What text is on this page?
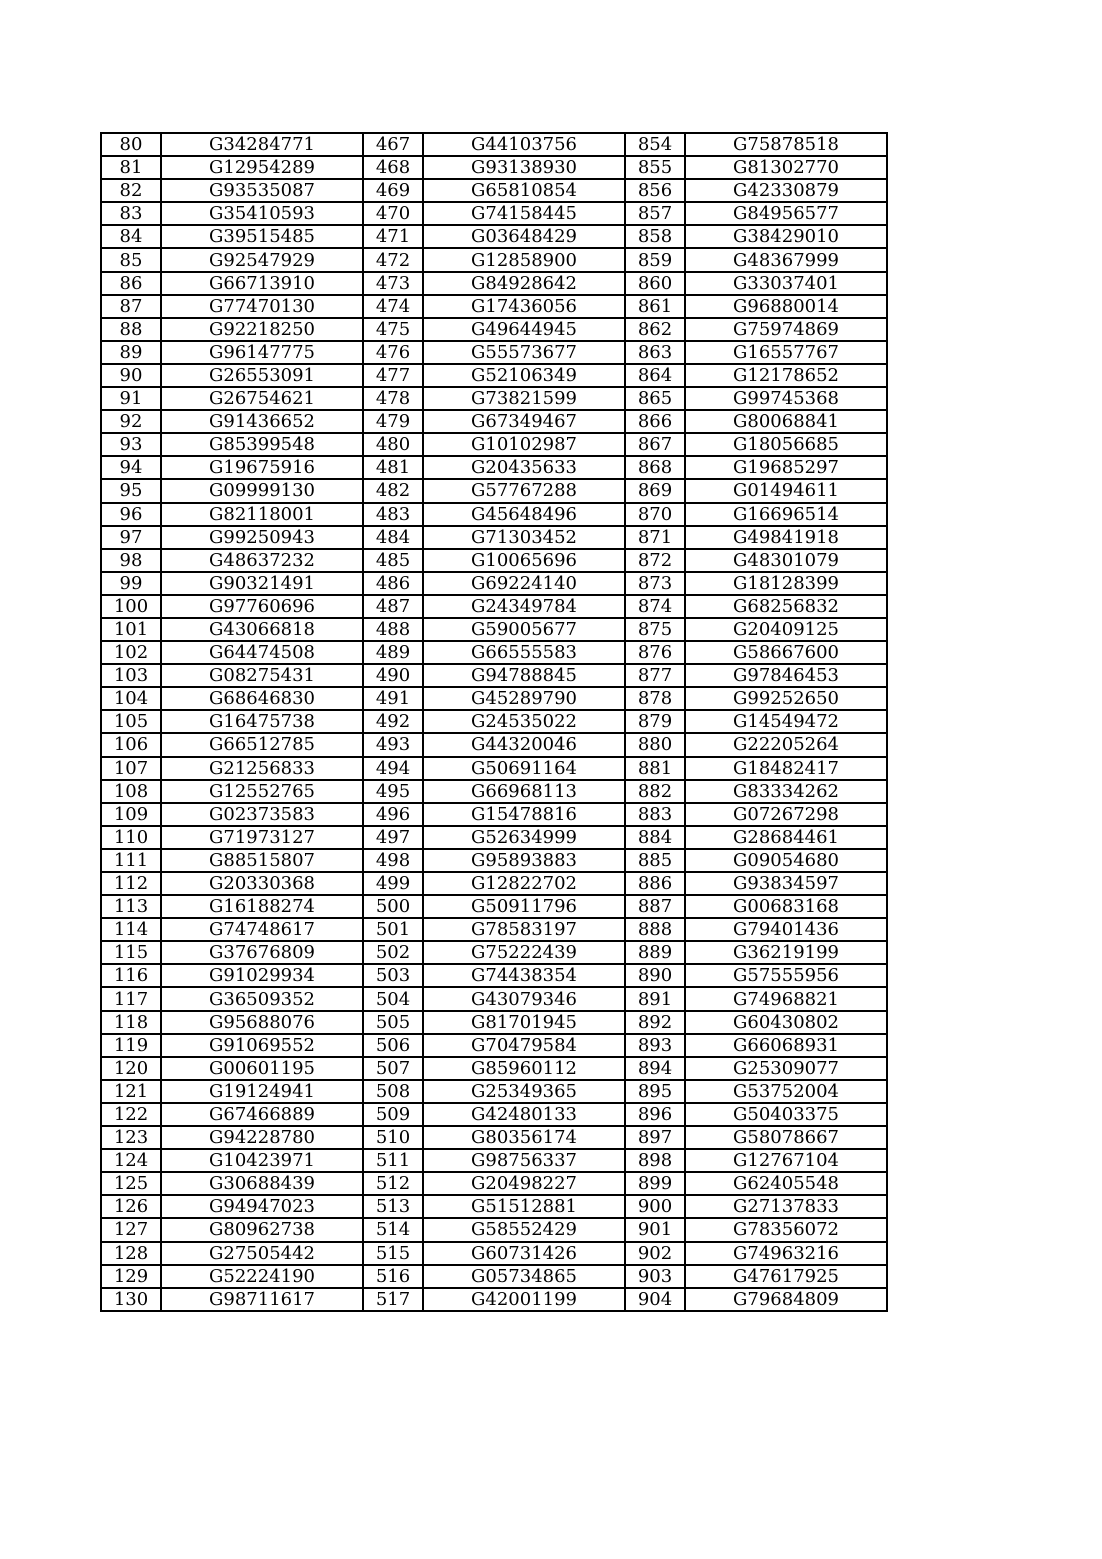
80	G34284771	467	G44103756	854	G75878518
81	G12954289	468	G93138930	855	G81302770
82	G93535087	469	G65810854	856	G42330879
83	G35410593	470	G74158445	857	G84956577
84	G39515485	471	G03648429	858	G38429010
85	G92547929	472	G12858900	859	G48367999
86	G66713910	473	G84928642	860	G33037401
87	G77470130	474	G17436056	861	G96880014
88	G92218250	475	G49644945	862	G75974869
89	G96147775	476	G55573677	863	G16557767
90	G26553091	477	G52106349	864	G12178652
91	G26754621	478	G73821599	865	G99745368
92	G91436652	479	G67349467	866	G80068841
93	G85399548	480	G10102987	867	G18056685
94	G19675916	481	G20435633	868	G19685297
95	G09999130	482	G57767288	869	G01494611
96	G82118001	483	G45648496	870	G16696514
97	G99250943	484	G71303452	871	G49841918
98	G48637232	485	G10065696	872	G48301079
99	G90321491	486	G69224140	873	G18128399
100	G97760696	487	G24349784	874	G68256832
101	G43066818	488	G59005677	875	G20409125
102	G64474508	489	G66555583	876	G58667600
103	G08275431	490	G94788845	877	G97846453
104	G68646830	491	G45289790	878	G99252650
105	G16475738	492	G24535022	879	G14549472
106	G66512785	493	G44320046	880	G22205264
107	G21256833	494	G50691164	881	G18482417
108	G12552765	495	G66968113	882	G83334262
109	G02373583	496	G15478816	883	G07267298
110	G71973127	497	G52634999	884	G28684461
111	G88515807	498	G95893883	885	G09054680
112	G20330368	499	G12822702	886	G93834597
113	G16188274	500	G50911796	887	G00683168
114	G74748617	501	G78583197	888	G79401436
115	G37676809	502	G75222439	889	G36219199
116	G91029934	503	G74438354	890	G57555956
117	G36509352	504	G43079346	891	G74968821
118	G95688076	505	G81701945	892	G60430802
119	G91069552	506	G70479584	893	G66068931
120	G00601195	507	G85960112	894	G25309077
121	G19124941	508	G25349365	895	G53752004
122	G67466889	509	G42480133	896	G50403375
123	G94228780	510	G80356174	897	G58078667
124	G10423971	511	G98756337	898	G12767104
125	G30688439	512	G20498227	899	G62405548
126	G94947023	513	G51512881	900	G27137833
127	G80962738	514	G58552429	901	G78356072
128	G27505442	515	G60731426	902	G74963216
129	G52224190	516	G05734865	903	G47617925
130	G98711617	517	G42001199	904	G79684809
